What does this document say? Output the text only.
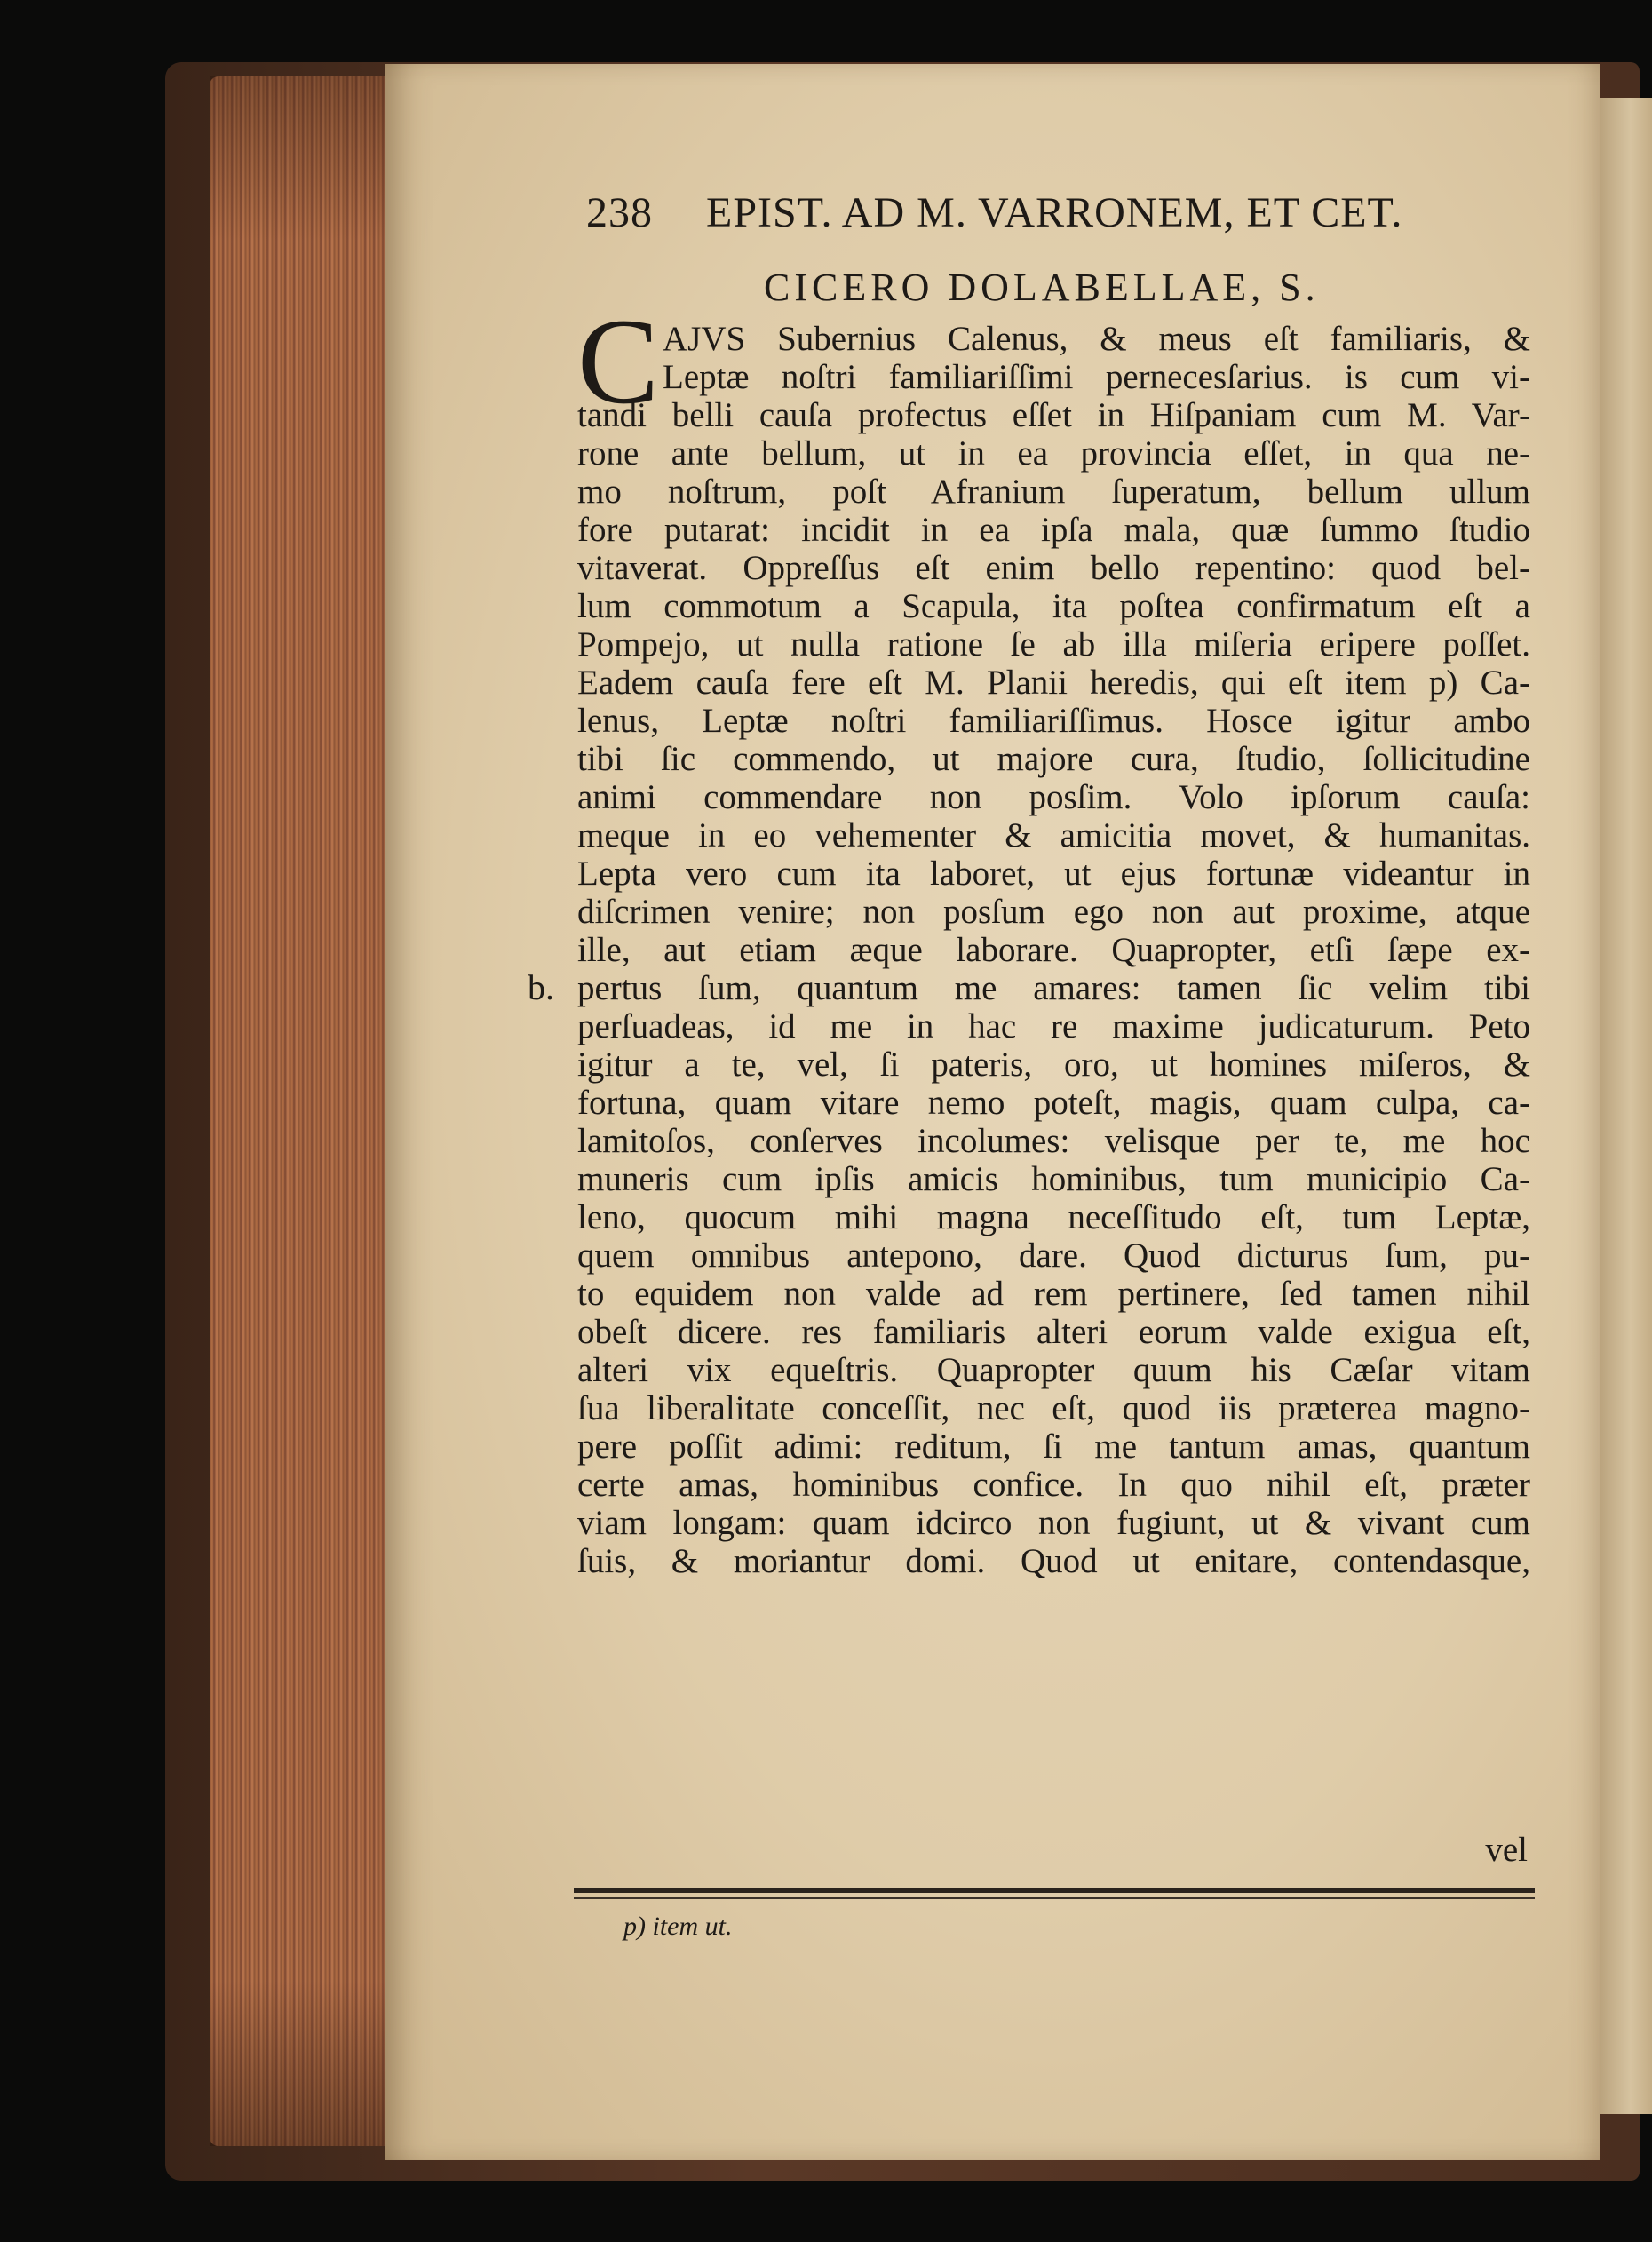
238 EPIST. AD M. VARRONEM, ET CET.
CICERO DOLABELLAE, S.
C AJVS Subernius Calenus, & meus eſt familiaris, &
Leptæ noſtri familiariſſimi pernecesſarius. is cum vi-
tandi belli cauſa profectus eſſet in Hiſpaniam cum M. Var-
rone ante bellum, ut in ea provincia eſſet, in qua ne-
mo noſtrum, poſt Afranium ſuperatum, bellum ullum
fore putarat: incidit in ea ipſa mala, quæ ſummo ſtudio
vitaverat. Oppreſſus eſt enim bello repentino: quod bel-
lum commotum a Scapula, ita poſtea confirmatum eſt a
Pompejo, ut nulla ratione ſe ab illa miſeria eripere poſſet.
Eadem cauſa fere eſt M. Planii heredis, qui eſt item p) Ca-
lenus, Leptæ noſtri familiariſſimus. Hosce igitur ambo
tibi ſic commendo, ut majore cura, ſtudio, ſollicitudine
animi commendare non posſim. Volo ipſorum cauſa:
meque in eo vehementer & amicitia movet, & humanitas.
Lepta vero cum ita laboret, ut ejus fortunæ videantur in
diſcrimen venire; non posſum ego non aut proxime, atque
ille, aut etiam æque laborare. Quapropter, etſi ſæpe ex-
pertus ſum, quantum me amares: tamen ſic velim tibi
perſuadeas, id me in hac re maxime judicaturum. Peto
igitur a te, vel, ſi pateris, oro, ut homines miſeros, &
fortuna, quam vitare nemo poteſt, magis, quam culpa, ca-
lamitoſos, conſerves incolumes: velisque per te, me hoc
muneris cum ipſis amicis hominibus, tum municipio Ca-
leno, quocum mihi magna neceſſitudo eſt, tum Leptæ,
quem omnibus antepono, dare. Quod dicturus ſum, pu-
to equidem non valde ad rem pertinere, ſed tamen nihil
obeſt dicere. res familiaris alteri eorum valde exigua eſt,
alteri vix equeſtris. Quapropter quum his Cæſar vitam
ſua liberalitate conceſſit, nec eſt, quod iis præterea magno-
pere poſſit adimi: reditum, ſi me tantum amas, quantum
certe amas, hominibus confice. In quo nihil eſt, præter
viam longam: quam idcirco non fugiunt, ut & vivant cum
ſuis, & moriantur domi. Quod ut enitare, contendasque,
b.
vel
p) item ut.
